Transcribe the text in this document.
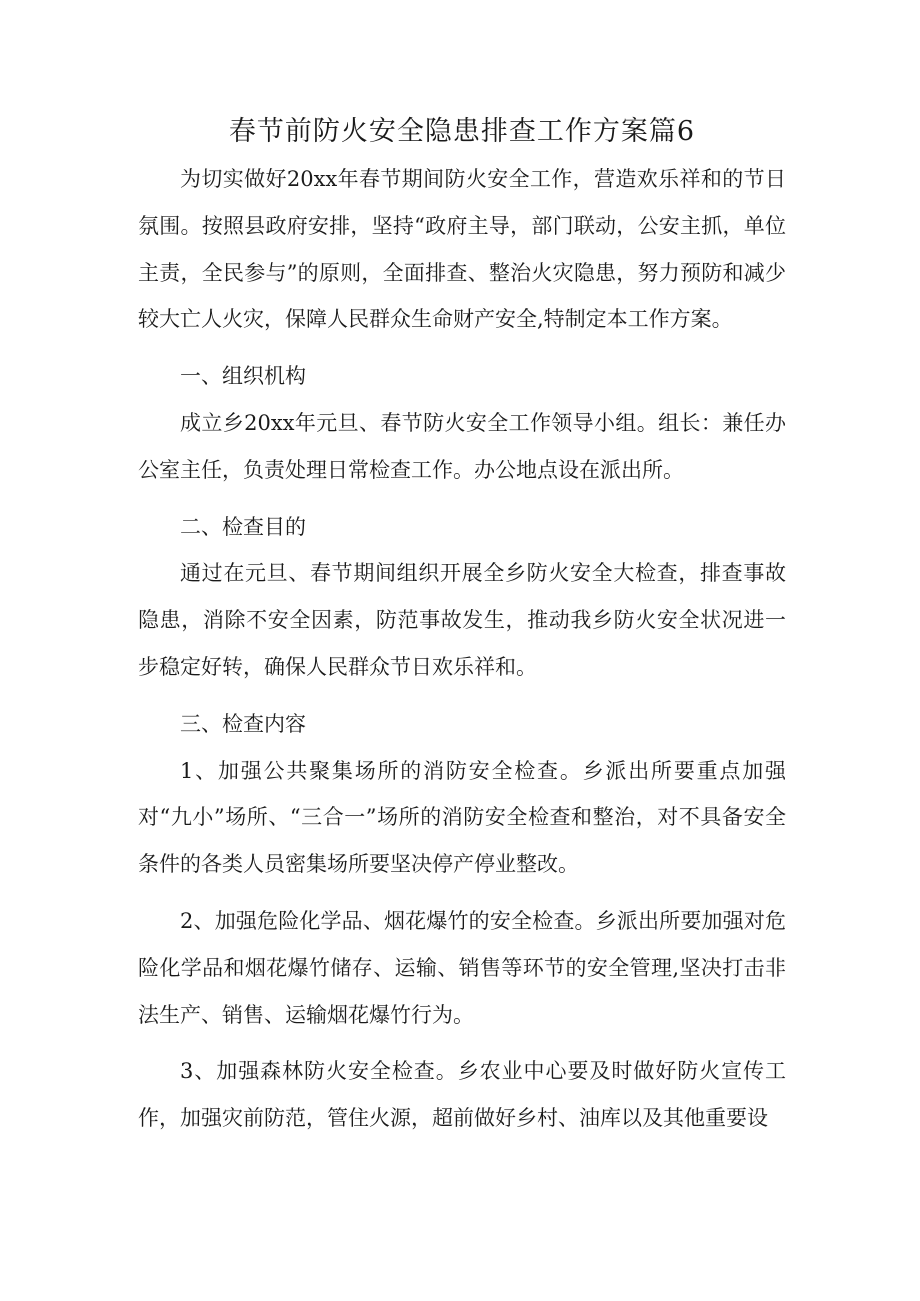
春节前防火安全隐患排查工作方案篇6

为切实做好20xx年春节期间防火安全工作，营造欢乐祥和的节日氛围。按照县政府安排，坚持“政府主导，部门联动，公安主抓，单位主责，全民参与”的原则，全面排查、整治火灾隐患，努力预防和减少较大亡人火灾，保障人民群众生命财产安全,特制定本工作方案。

一、组织机构

成立乡20xx年元旦、春节防火安全工作领导小组。组长：兼任办公室主任，负责处理日常检查工作。办公地点设在派出所。

二、检查目的

通过在元旦、春节期间组织开展全乡防火安全大检查，排查事故隐患，消除不安全因素，防范事故发生，推动我乡防火安全状况进一步稳定好转，确保人民群众节日欢乐祥和。

三、检查内容

1、加强公共聚集场所的消防安全检查。乡派出所要重点加强对“九小”场所、“三合一”场所的消防安全检查和整治，对不具备安全条件的各类人员密集场所要坚决停产停业整改。

2、加强危险化学品、烟花爆竹的安全检查。乡派出所要加强对危险化学品和烟花爆竹储存、运输、销售等环节的安全管理,坚决打击非法生产、销售、运输烟花爆竹行为。

3、加强森林防火安全检查。乡农业中心要及时做好防火宣传工作，加强灾前防范，管住火源，超前做好乡村、油库以及其他重要设
